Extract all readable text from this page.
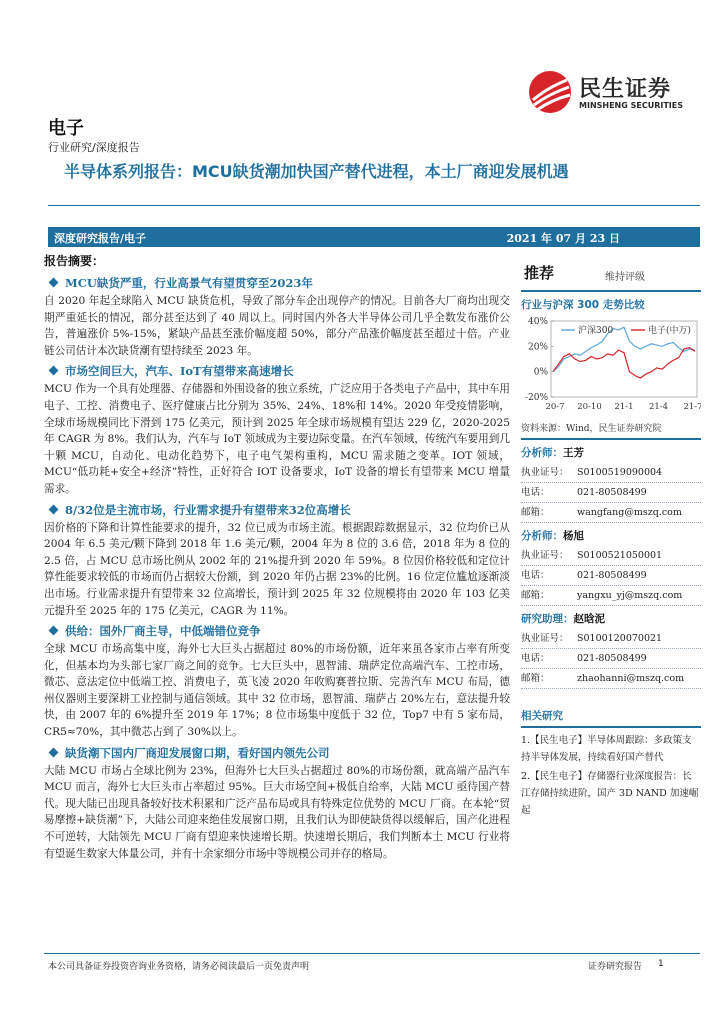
民生证券
MINSHENG SECURITIES
电子
行业研究/深度报告
半导体系列报告：MCU缺货潮加快国产替代进程，本土厂商迎发展机遇
深度研究报告/电子	2021 年 07 月 23 日
报告摘要：
MCU缺货严重，行业高景气有望贯穿至2023年
自 2020 年起全球陷入 MCU 缺货危机，导致了部分车企出现停产的情况。目前各大厂商均出现交期严重延长的情况，部分甚至达到了 40 周以上。同时国内外各大半导体公司几乎全数发布涨价公告，普遍涨价 5%-15%，紧缺产品甚至涨价幅度超 50%，部分产品涨价幅度甚至超过十倍。产业链公司估计本次缺货潮有望持续至 2023 年。
市场空间巨大，汽车、IoT有望带来高速增长
MCU 作为一个具有处理器、存储器和外围设备的独立系统，广泛应用于各类电子产品中，其中车用电子、工控、消费电子、医疗健康占比分别为 35%、24%、18%和 14%。2020 年受疫情影响，全球市场规模同比下滑到 175 亿美元，预计到 2025 年全球市场规模有望达 229 亿，2020-2025 年 CAGR 为 8%。我们认为，汽车与 IoT 领域成为主要边际变量。在汽车领域，传统汽车要用到几十颗 MCU，自动化、电动化趋势下，电子电气架构重构，MCU 需求随之变革。IOT 领域，MCU“低功耗+安全+经济”特性，正好符合 IOT 设备要求，IoT 设备的增长有望带来 MCU 增量需求。
8/32位是主流市场，行业需求提升有望带来32位高增长
因价格的下降和计算性能要求的提升，32 位已成为市场主流。根据跟踪数据显示，32 位均价已从 2004 年 6.5 美元/颗下降到 2018 年 1.6 美元/颗，2004 年为 8 位的 3.6 倍，2018 年为 8 位的 2.5 倍，占 MCU 总市场比例从 2002 年的 21%提升到 2020 年 59%。8 位因价格较低和定位计算性能要求较低的市场而仍占据较大份额，到 2020 年仍占据 23%的比例。16 位定位尴尬逐渐淡出市场。行业需求提升有望带来 32 位高增长，预计到 2025 年 32 位规模将由 2020 年 103 亿美元提升至 2025 年的 175 亿美元，CAGR 为 11%。
供给：国外厂商主导，中低端错位竞争
全球 MCU 市场高集中度，海外七大巨头占据超过 80%的市场份额，近年来虽各家市占率有所变化，但基本均为头部七家厂商之间的竞争。七大巨头中，恩智浦、瑞萨定位高端汽车、工控市场，微芯、意法定位中低端工控、消费电子，英飞凌 2020 年收购赛普拉斯、完善汽车 MCU 布局，德州仪器则主要深耕工业控制与通信领域。其中 32 位市场，恩智浦、瑞萨占 20%左右，意法提升较快，由 2007 年的 6%提升至 2019 年 17%；8 位市场集中度低于 32 位，Top7 中有 5 家布局，CR5≈70%，其中微芯占到了 30%以上。
缺货潮下国内厂商迎发展窗口期，看好国内领先公司
大陆 MCU 市场占全球比例为 23%，但海外七大巨头占据超过 80%的市场份额，就高端产品汽车 MCU 而言，海外七大巨头市占率超过 95%。巨大市场空间+极低自给率，大陆 MCU 亟待国产替代。现大陆已出现具备较好技术积累和广泛产品布局或具有特殊定位优势的 MCU 厂商。在本轮“贸易摩擦+缺货潮”下，大陆公司迎来绝佳发展窗口期，且我们认为即使缺货得以缓解后，国产化进程不可逆转，大陆领先 MCU 厂商有望迎来快速增长期。快速增长期后，我们判断本土 MCU 行业将有望诞生数家大体量公司，并有十余家细分市场中等规模公司并存的格局。
推荐	维持评级
行业与沪深 300 走势比较
40%
20%
0%
-20%
20-7 20-10 21-1 21-4 21-7
沪深300	电子(中万)
资料来源：Wind，民生证券研究院
分析师：王芳
执业证号： S0100519090004
电话：	021-80508499
邮箱：	wangfang@mszq.com
分析师：杨旭
执业证号： S0100521050001
电话：	021-80508499
邮箱：	yangxu_yj@mszq.com
研究助理：赵晗泥
执业证号： S0100120070021
电话：	021-80508499
邮箱：	zhaohanni@mszq.com
相关研究

1.【民生电子】半导体周跟踪：多政策支持半导体发展，持续看好国产替代

2.【民生电子】存储器行业深度报告：长江存储持续进阶，国产 3D NAND 加速崛起

本公司具备证券投资咨询业务资格，请务必阅读最后一页免责声明	证券研究报告 1
